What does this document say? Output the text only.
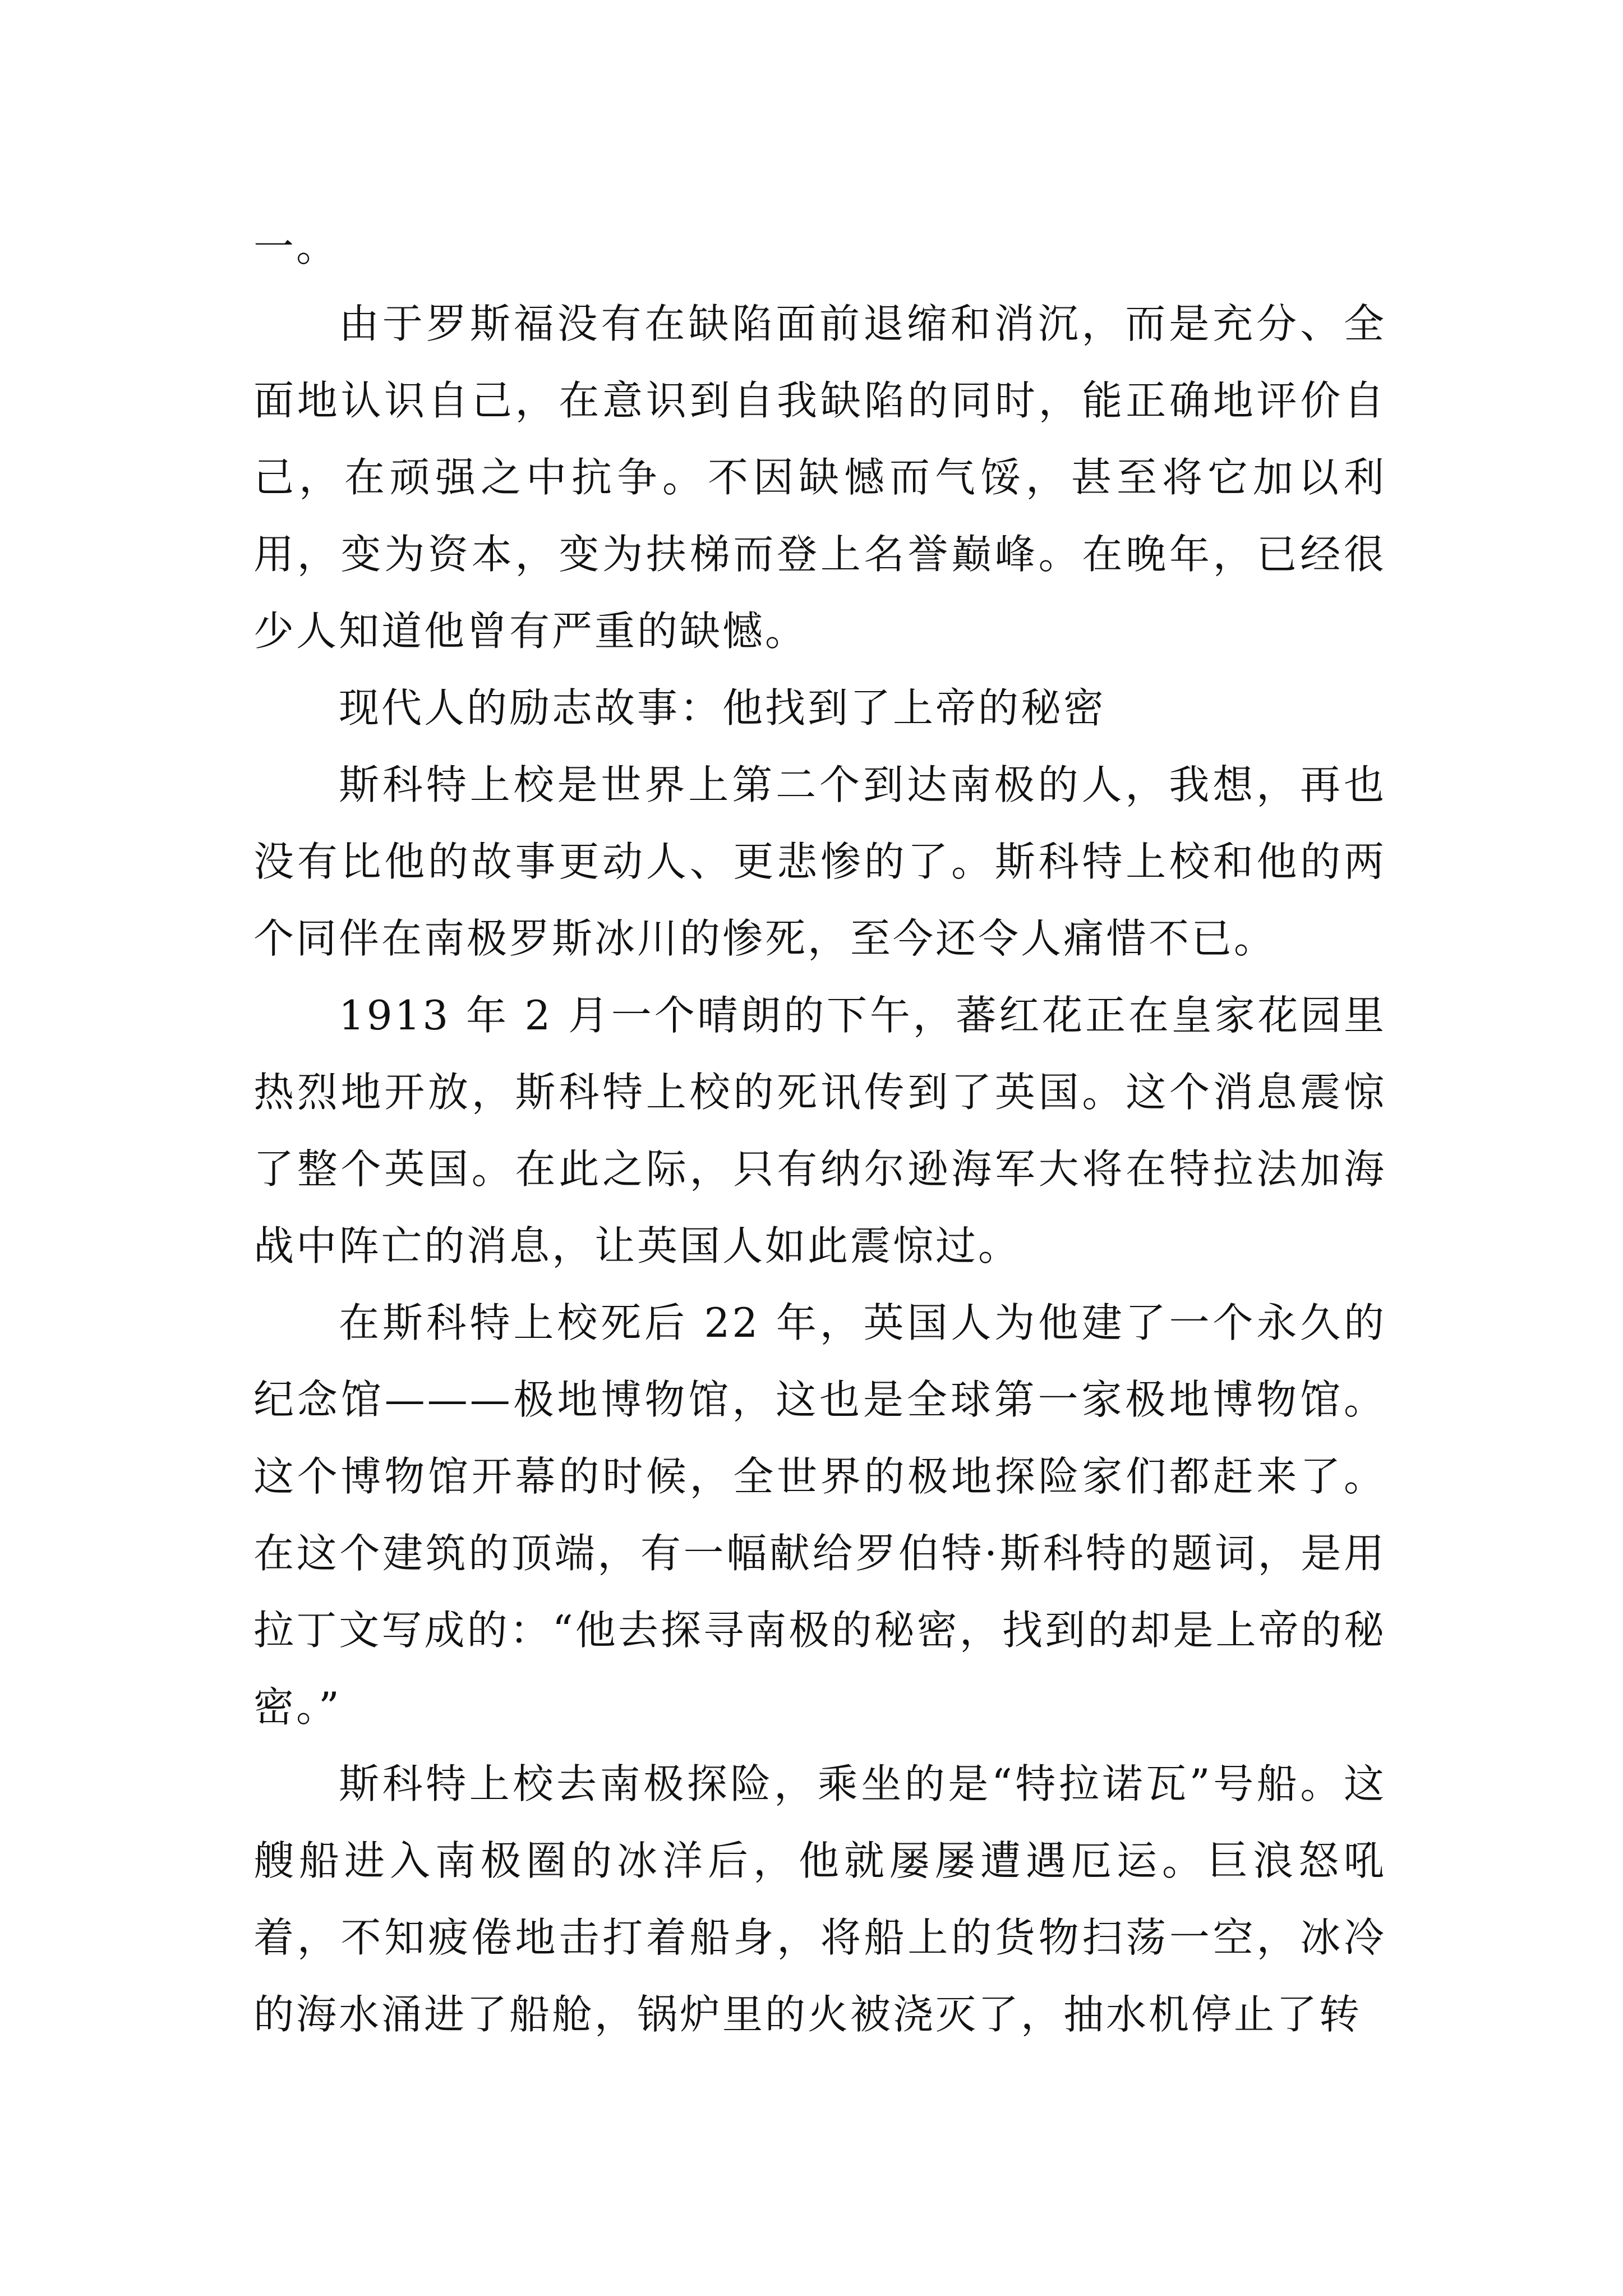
一。

由于罗斯福没有在缺陷面前退缩和消沉，而是充分、全面地认识自己，在意识到自我缺陷的同时，能正确地评价自己，在顽强之中抗争。不因缺憾而气馁，甚至将它加以利用，变为资本，变为扶梯而登上名誉巅峰。在晚年，已经很少人知道他曾有严重的缺憾。

现代人的励志故事：他找到了上帝的秘密

斯科特上校是世界上第二个到达南极的人，我想，再也没有比他的故事更动人、更悲惨的了。斯科特上校和他的两个同伴在南极罗斯冰川的惨死，至今还令人痛惜不已。

1913 年 2 月一个晴朗的下午，蕃红花正在皇家花园里热烈地开放，斯科特上校的死讯传到了英国。这个消息震惊了整个英国。在此之际，只有纳尔逊海军大将在特拉法加海战中阵亡的消息，让英国人如此震惊过。

在斯科特上校死后 22 年，英国人为他建了一个永久的纪念馆———极地博物馆，这也是全球第一家极地博物馆。这个博物馆开幕的时候，全世界的极地探险家们都赶来了。在这个建筑的顶端，有一幅献给罗伯特·斯科特的题词，是用拉丁文写成的：“他去探寻南极的秘密，找到的却是上帝的秘密。”

斯科特上校去南极探险，乘坐的是“特拉诺瓦”号船。这艘船进入南极圈的冰洋后，他就屡屡遭遇厄运。巨浪怒吼着，不知疲倦地击打着船身，将船上的货物扫荡一空，冰冷的海水涌进了船舱，锅炉里的火被浇灭了，抽水机停止了转
